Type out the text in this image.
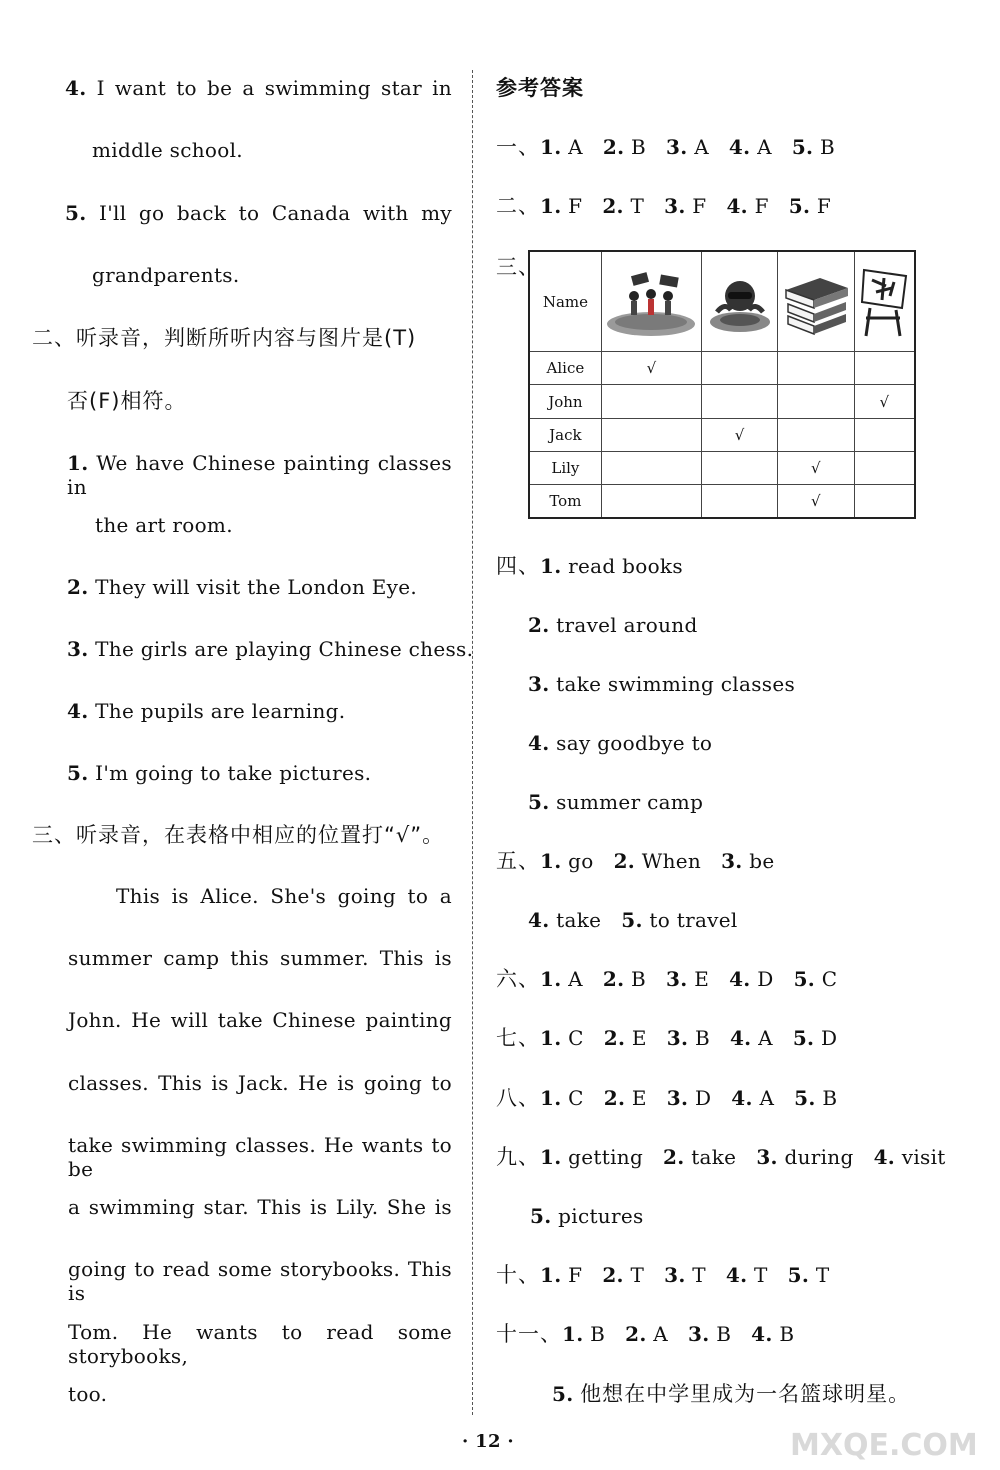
4. I want to be a swimming star in
middle school.
5. I'll go back to Canada with my
grandparents.
二、听录音，判断所听内容与图片是(T)
否(F)相符。
1. We have Chinese painting classes in
the art room.
2. They will visit the London Eye.
3. The girls are playing Chinese chess.
4. The pupils are learning.
5. I'm going to take pictures.
三、听录音，在表格中相应的位置打“√”。
This is Alice. She's going to a
summer camp this summer. This is
John. He will take Chinese painting
classes. This is Jack. He is going to
take swimming classes. He wants to be
a swimming star. This is Lily. She is
going to read some storybooks. This is
Tom. He wants to read some storybooks,
too.
参考答案
一、1. A 2. B 3. A 4. A 5. B
二、1. F 2. T 3. F 4. F 5. F
三、
Name	

Alice	√			
John				√
Jack		√		
Lily			√	
Tom			√	
四、1. read books
2. travel around
3. take swimming classes
4. say goodbye to
5. summer camp
五、1. go 2. When 3. be
4. take 5. to travel
六、1. A 2. B 3. E 4. D 5. C
七、1. C 2. E 3. B 4. A 5. D
八、1. C 2. E 3. D 4. A 5. B
九、1. getting 2. take 3. during 4. visit
5. pictures
十、1. F 2. T 3. T 4. T 5. T
十一、1. B 2. A 3. B 4. B
5. 他想在中学里成为一名篮球明星。
· 12 ·	MXQE.COM
